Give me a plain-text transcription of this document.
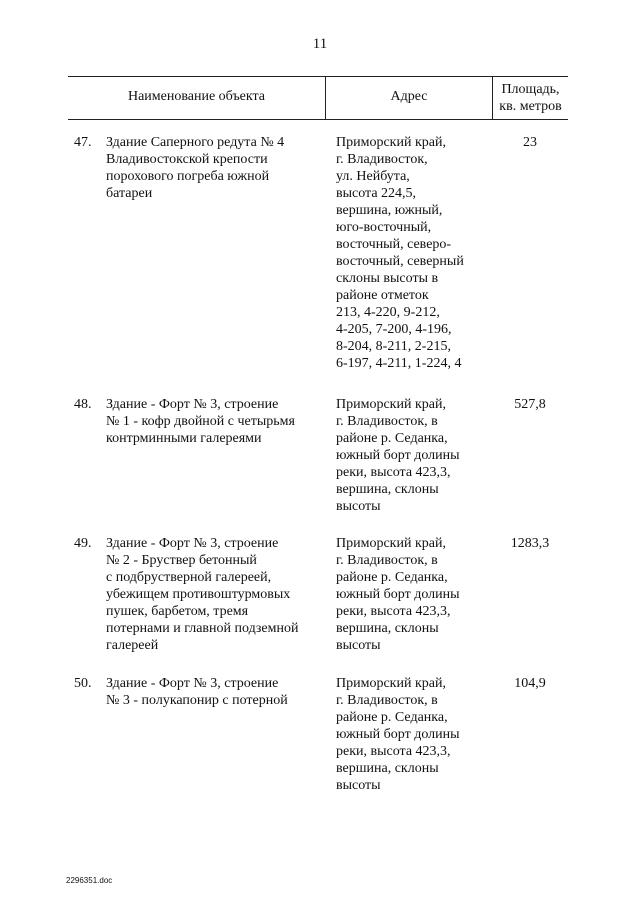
11
Наименование объекта	Адрес	Площадь,
кв. метров
47. Здание Саперного редута № 4
Владивостокской крепости
порохового погреба южной
батареи
Приморский край,
г. Владивосток,
ул. Нейбута,
высота 224,5,
вершина, южный,
юго-восточный,
восточный, северо-
восточный, северный
склоны высоты в
районе отметок
213, 4-220, 9-212,
4-205, 7-200, 4-196,
8-204, 8-211, 2-215,
6-197, 4-211, 1-224, 4
23
48. Здание - Форт № 3, строение
№ 1 - кофр двойной с четырьмя
контрминными галереями
Приморский край,
г. Владивосток, в
районе р. Седанка,
южный борт долины
реки, высота 423,3,
вершина, склоны
высоты
527,8
49. Здание - Форт № 3, строение
№ 2 - Бруствер бетонный
с подбрустверной галереей,
убежищем противоштурмовых
пушек, барбетом, тремя
потернами и главной подземной
галереей
Приморский край,
г. Владивосток, в
районе р. Седанка,
южный борт долины
реки, высота 423,3,
вершина, склоны
высоты
1283,3
50. Здание - Форт № 3, строение
№ 3 - полукапонир с потерной
Приморский край,
г. Владивосток, в
районе р. Седанка,
южный борт долины
реки, высота 423,3,
вершина, склоны
высоты
104,9
2296351.doc
